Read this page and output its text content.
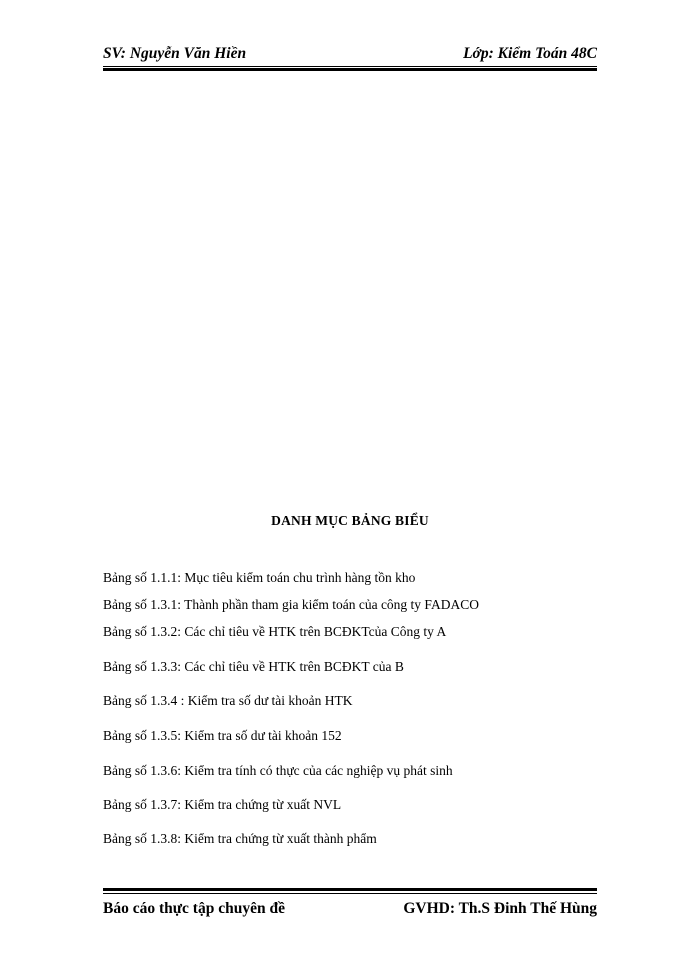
SV: Nguyễn Văn Hiền	Lớp: Kiểm Toán 48C
DANH MỤC BẢNG BIỂU
Bảng số 1.1.1: Mục tiêu kiểm toán chu trình hàng tồn kho
Bảng số 1.3.1: Thành phần tham gia kiểm toán của công ty FADACO
Bảng số 1.3.2: Các chỉ tiêu về HTK trên BCĐKTcủa Công ty A
Bảng số 1.3.3: Các chỉ tiêu về HTK trên BCĐKT của B
Bảng số 1.3.4 : Kiểm tra số dư tài khoản HTK
Bảng số 1.3.5: Kiểm tra số dư tài khoản 152
Bảng số 1.3.6: Kiểm tra tính có thực của các nghiệp vụ phát sinh
Bảng số 1.3.7: Kiểm tra chứng từ xuất NVL
Bảng số 1.3.8: Kiểm tra chứng từ xuất thành phẩm
Báo cáo thực tập chuyên đề	GVHD: Th.S Đinh Thế Hùng
